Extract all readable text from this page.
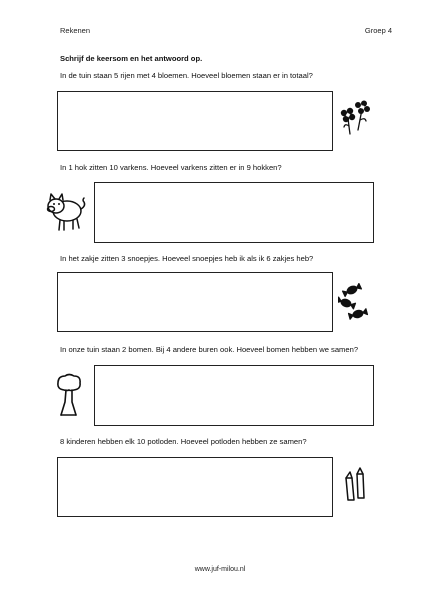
Rekenen	Groep 4
Schrijf de keersom en het antwoord op.
In de tuin staan 5 rijen met 4 bloemen. Hoeveel bloemen staan er in totaal?
In 1 hok zitten 10 varkens. Hoeveel varkens zitten er in 9 hokken?
In het zakje zitten 3 snoepjes. Hoeveel snoepjes heb ik als ik 6 zakjes heb?
In onze tuin staan 2 bomen. Bij 4 andere buren ook. Hoeveel bomen hebben we samen?
8 kinderen hebben elk 10 potloden. Hoeveel potloden hebben ze samen?
www.juf-milou.nl
